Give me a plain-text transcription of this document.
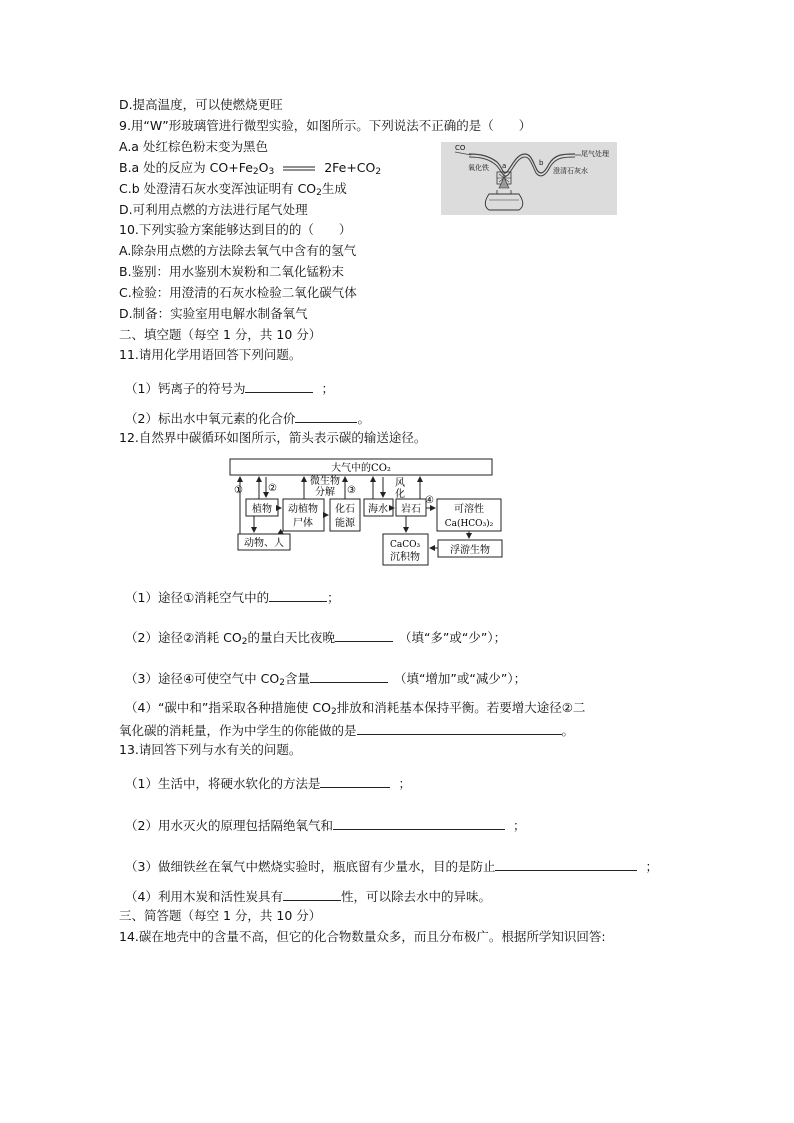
D.提高温度，可以使燃烧更旺
9.用“W”形玻璃管进行微型实验，如图所示。下列说法不正确的是（　　）
A.a 处红棕色粉末变为黑色
B.a 处的反应为 $CO+Fe_2O_3$	$2Fe+CO_2$
C.b 处澄清石灰水变浑浊证明有 $CO_2$生成
D.可利用点燃的方法进行尾气处理
CO
尾气处理
氧化铁	澄清石灰水
a	b
10.下列实验方案能够达到目的的（　　）
A.除杂用点燃的方法除去氧气中含有的氢气
B.鉴别：用水鉴别木炭粉和二氧化锰粉末
C.检验：用澄清的石灰水检验二氧化碳气体
D.制备：实验室用电解水制备氧气
二、填空题（每空 1 分，共 10 分）
11.请用化学用语回答下列问题。
（1）钙离子的符号为	；
（2）标出水中氧元素的化合价	。
12.自然界中碳循环如图所示，箭头表示碳的输送途径。
大气中的CO₂
①	②	③
④
植物 动植物
尸体
微生物
分解
化石
能源
海水
风
化
岩石	可溶性
Ca(HCO₃)₂
动物、人	CaCO₃
沉积物
浮游生物
（1）途径①消耗空气中的	；
（2）途径②消耗 $CO_2$的量白天比夜晚	（填“多”或“少”）；
（3）途径④可使空气中 $CO_2$含量	（填“增加”或“减少”）；
（4）“碳中和”指采取各种措施使 $CO_2$排放和消耗基本保持平衡。若要增大途径②二
氧化碳的消耗量，作为中学生的你能做的是	。
13.请回答下列与水有关的问题。
（1）生活中，将硬水软化的方法是	；
（2）用水灭火的原理包括隔绝氧气和	；
（3）做细铁丝在氧气中燃烧实验时，瓶底留有少量水，目的是防止	；
（4）利用木炭和活性炭具有	性，可以除去水中的异味。
三、简答题（每空 1 分，共 10 分）
14.碳在地壳中的含量不高，但它的化合物数量众多，而且分布极广。根据所学知识回答:
